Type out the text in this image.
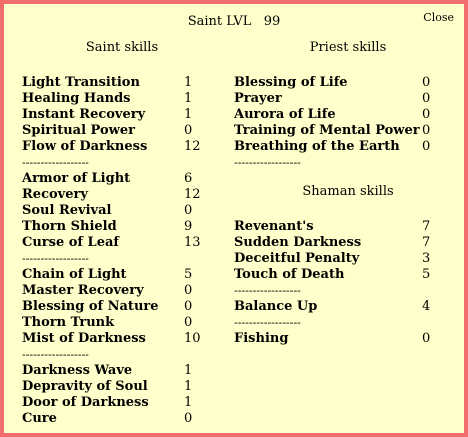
Saint LVL   99	Close
Saint skills
Light Transition	1
Healing Hands	1
Instant Recovery	1
Spiritual Power	0
Flow of Darkness	12
------------------
Armor of Light	6
Recovery	12
Soul Revival	0
Thorn Shield	9
Curse of Leaf	13
------------------
Chain of Light	5
Master Recovery	0
Blessing of Nature 0
Thorn Trunk	0
Mist of Darkness	10
------------------
Darkness Wave	1
Depravity of Soul	1
Door of Darkness	1
Cure	0
Priest skills
Blessing of Life	0
Prayer	0
Aurora of Life	0
Training of Mental Power 0
Breathing of the Earth 0
------------------
Shaman skills
Revenant's	7
Sudden Darkness	7
Deceitful Penalty	3
Touch of Death	5
------------------
Balance Up	4
------------------
Fishing	0
